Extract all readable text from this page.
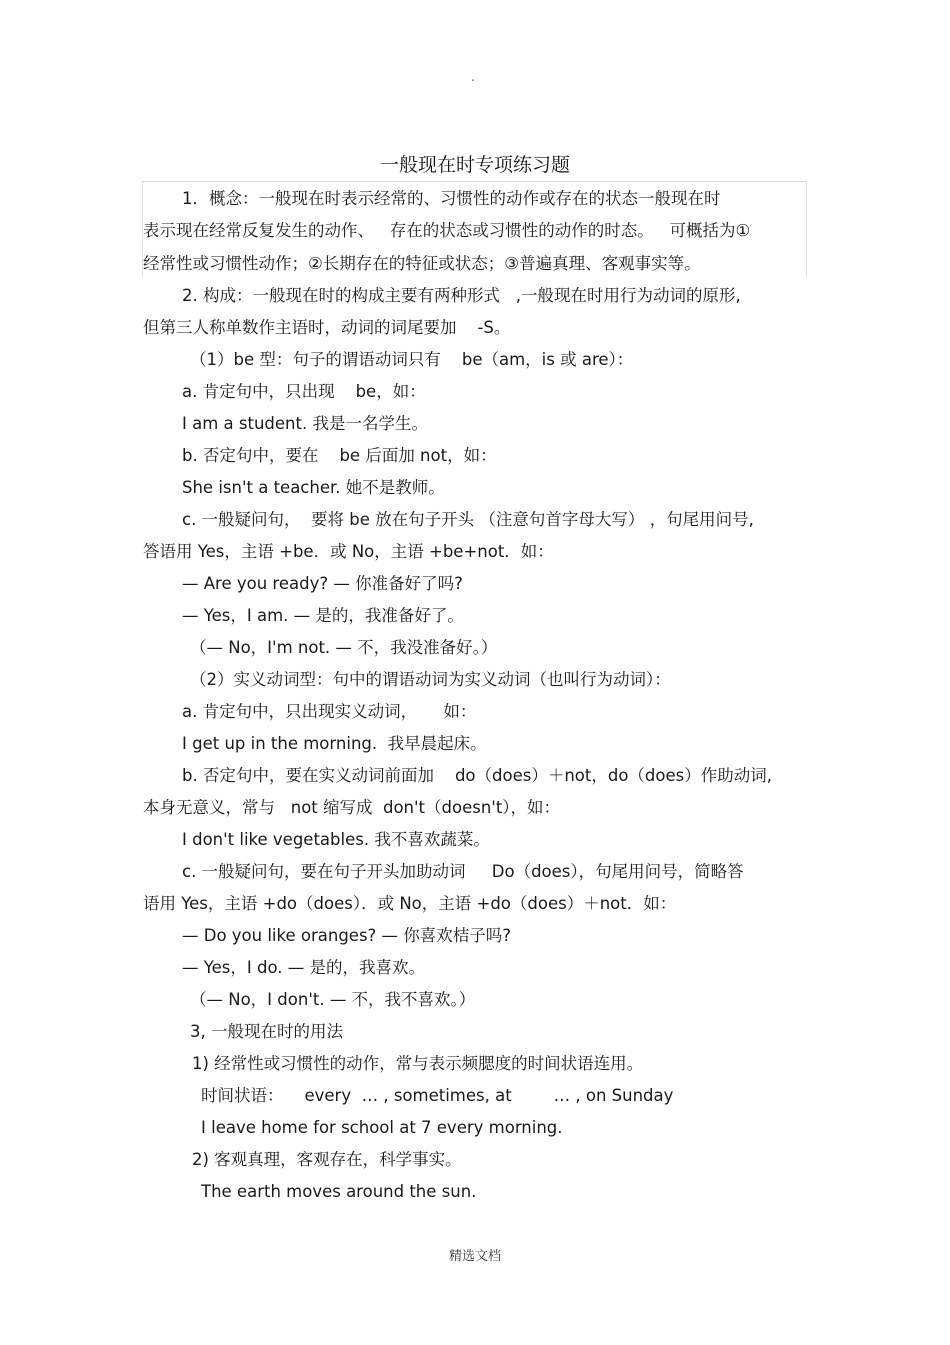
.
一般现在时专项练习题
1．概念：一般现在时表示经常的、习惯性的动作或存在的状态一般现在时
表示现在经常反复发生的动作、   存在的状态或习惯性的动作的时态。   可概括为①
经常性或习惯性动作；②长期存在的特征或状态；③普遍真理、客观事实等。
2. 构成：一般现在时的构成主要有两种形式   ,一般现在时用行为动词的原形,
但第三人称单数作主语时，动词的词尾要加    -S。
（1）be 型：句子的谓语动词只有    be（am，is 或 are）：
a. 肯定句中，只出现    be，如：
I am a student. 我是一名学生。
b. 否定句中，要在    be 后面加 not，如：
She isn't a teacher. 她不是教师。
c. 一般疑问句，  要将 be 放在句子开头 （注意句首字母大写） ，句尾用问号,
答语用 Yes，主语 +be．或 No，主语 +be+not．如：
— Are you ready? — 你准备好了吗?
— Yes，I am. — 是的，我准备好了。
（— No，I'm not. — 不，我没准备好。）
（2）实义动词型：句中的谓语动词为实义动词（也叫行为动词）：
a. 肯定句中，只出现实义动词，     如：
I get up in the morning.  我早晨起床。
b. 否定句中，要在实义动词前面加    do（does）＋not，do（does）作助动词,
本身无意义，常与   not 缩写成  don't（doesn't），如：
I don't like vegetables. 我不喜欢蔬菜。
c. 一般疑问句，要在句子开头加助动词     Do（does），句尾用问号，简略答
语用 Yes，主语 +do（does）．或 No，主语 +do（does）＋not．如：
— Do you like oranges? — 你喜欢桔子吗?
— Yes，I do. — 是的，我喜欢。
（— No，I don't. — 不，我不喜欢。）
3, 一般现在时的用法
1) 经常性或习惯性的动作，常与表示频腮度的时间状语连用。
时间状语：    every  … , sometimes, at        … , on Sunday
I leave home for school at 7 every morning.
2) 客观真理，客观存在，科学事实。
The earth moves around the sun.
精选文档
